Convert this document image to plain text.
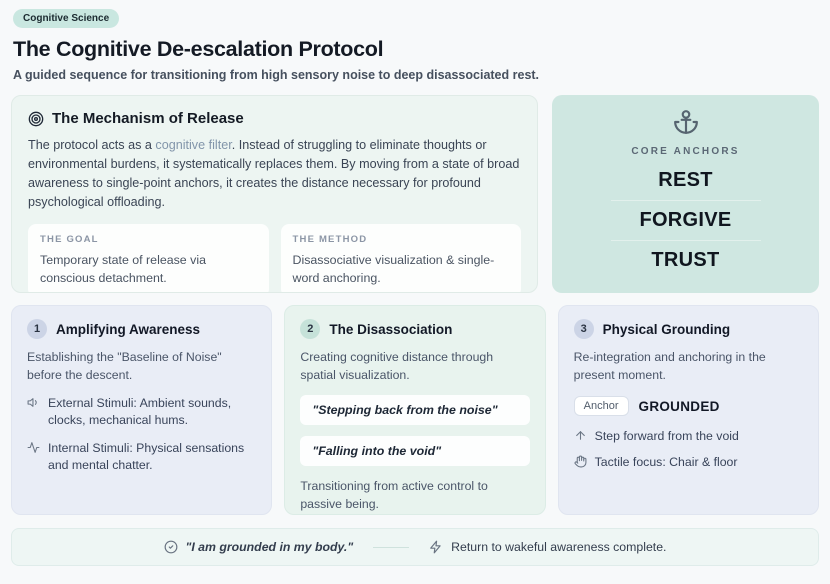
Cognitive Science
The Cognitive De-escalation Protocol
A guided sequence for transitioning from high sensory noise to deep disassociated rest.
The Mechanism of Release

The protocol acts as a cognitive filter. Instead of struggling to eliminate thoughts or environmental burdens, it systematically replaces them. By moving from a state of broad awareness to single-point anchors, it creates the distance necessary for profound psychological offloading.

THE GOAL
Temporary state of release via conscious detachment.
THE METHOD
Disassociative visualization & single-word anchoring.
CORE ANCHORS
REST
FORGIVE
TRUST
1	Amplifying Awareness
Establishing the "Baseline of Noise" before the descent.
External Stimuli: Ambient sounds, clocks, mechanical hums.
Internal Stimuli: Physical sensations and mental chatter.
2	The Disassociation
Creating cognitive distance through spatial visualization.
"Stepping back from the noise"
"Falling into the void"
Transitioning from active control to passive being.
3	Physical Grounding
Re-integration and anchoring in the present moment.
Anchor	GROUNDED
Step forward from the void
Tactile focus: Chair & floor
"I am grounded in my body."	Return to wakeful awareness complete.
